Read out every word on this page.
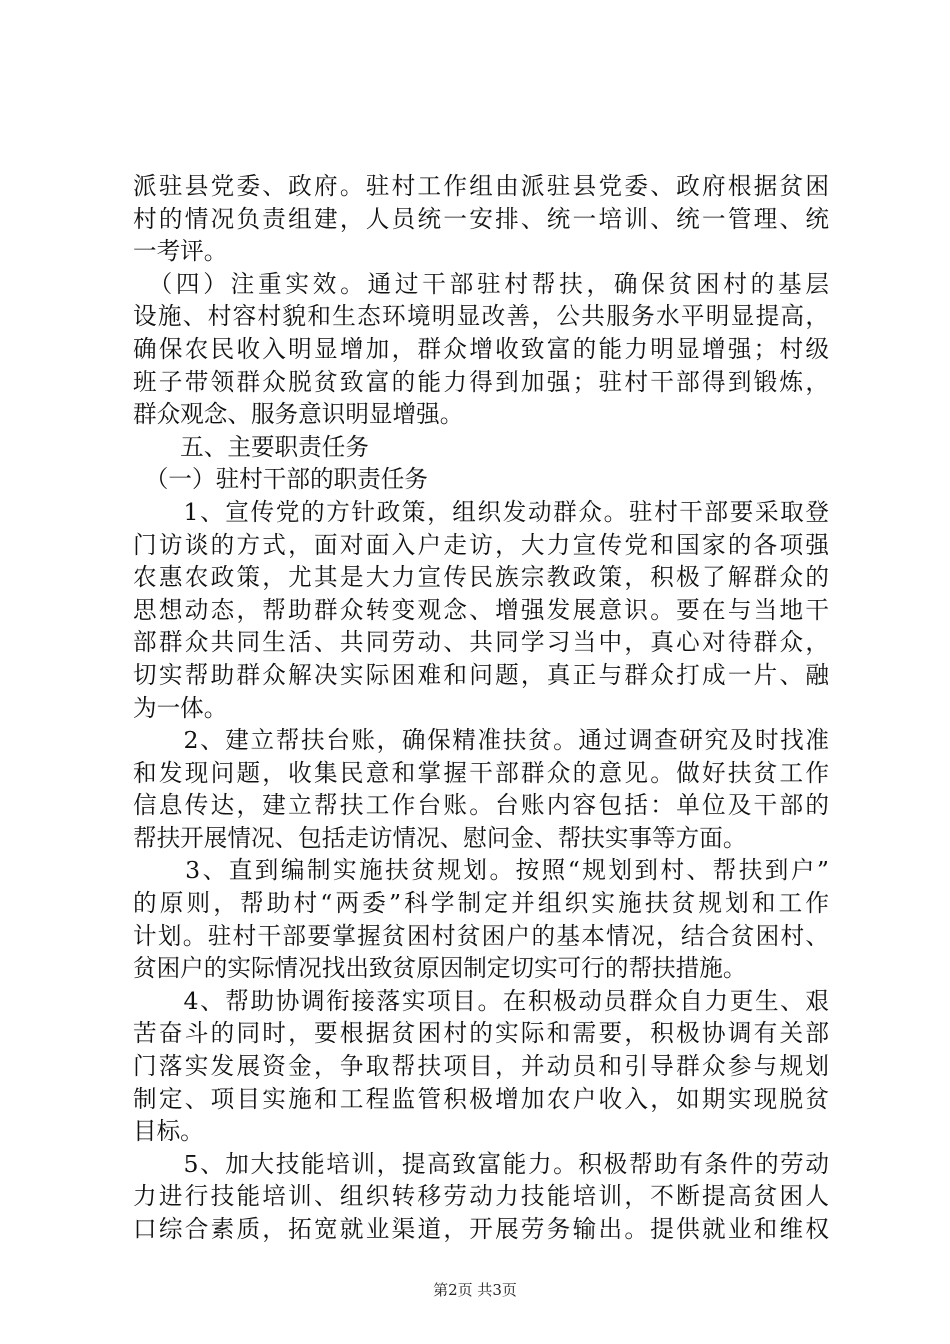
派驻县党委、政府。驻村工作组由派驻县党委、政府根据贫困
村的情况负责组建，人员统一安排、统一培训、统一管理、统
一考评。
　（四）注重实效。通过干部驻村帮扶，确保贫困村的基层
设施、村容村貌和生态环境明显改善，公共服务水平明显提高，
确保农民收入明显增加，群众增收致富的能力明显增强；村级
班子带领群众脱贫致富的能力得到加强；驻村干部得到锻炼，
群众观念、服务意识明显增强。
　　五、主要职责任务
　（一）驻村干部的职责任务
　　1、宣传党的方针政策，组织发动群众。驻村干部要采取登
门访谈的方式，面对面入户走访，大力宣传党和国家的各项强
农惠农政策，尤其是大力宣传民族宗教政策，积极了解群众的
思想动态，帮助群众转变观念、增强发展意识。要在与当地干
部群众共同生活、共同劳动、共同学习当中，真心对待群众，
切实帮助群众解决实际困难和问题，真正与群众打成一片、融
为一体。
　　2、建立帮扶台账，确保精准扶贫。通过调查研究及时找准
和发现问题，收集民意和掌握干部群众的意见。做好扶贫工作
信息传达，建立帮扶工作台账。台账内容包括：单位及干部的
帮扶开展情况、包括走访情况、慰问金、帮扶实事等方面。
　　3、直到编制实施扶贫规划。按照“规划到村、帮扶到户”
的原则，帮助村“两委”科学制定并组织实施扶贫规划和工作
计划。驻村干部要掌握贫困村贫困户的基本情况，结合贫困村、
贫困户的实际情况找出致贫原因制定切实可行的帮扶措施。
　　4、帮助协调衔接落实项目。在积极动员群众自力更生、艰
苦奋斗的同时，要根据贫困村的实际和需要，积极协调有关部
门落实发展资金，争取帮扶项目，并动员和引导群众参与规划
制定、项目实施和工程监管积极增加农户收入，如期实现脱贫
目标。
　　5、加大技能培训，提高致富能力。积极帮助有条件的劳动
力进行技能培训、组织转移劳动力技能培训，不断提高贫困人
口综合素质，拓宽就业渠道，开展劳务输出。提供就业和维权
第2页 共3页
